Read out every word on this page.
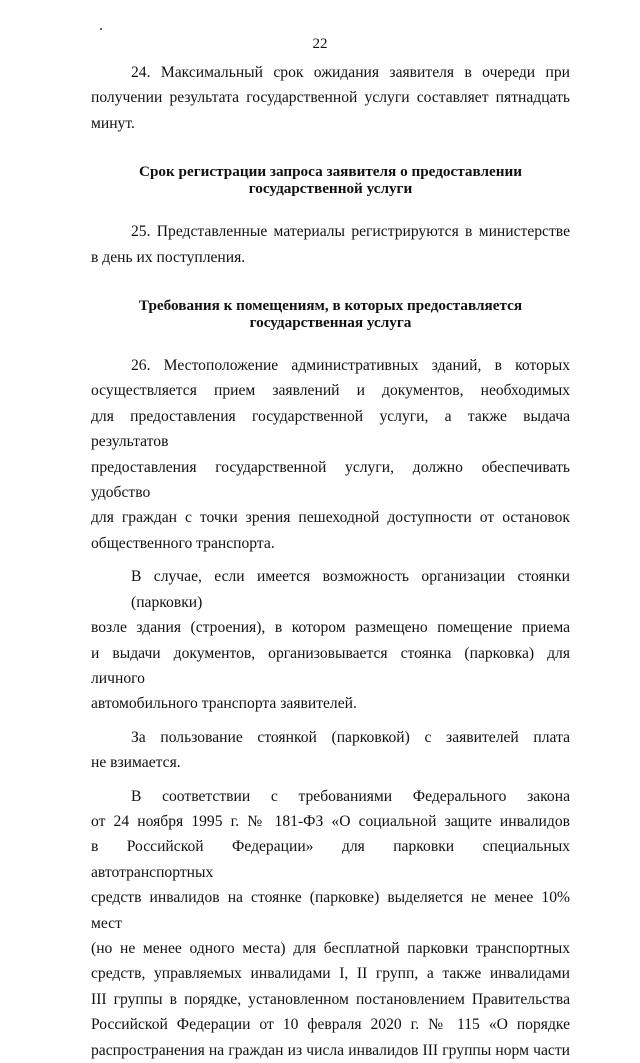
22

24. Максимальный срок ожидания заявителя в очереди при
получении результата государственной услуги составляет пятнадцать
минут.

Срок регистрации запроса заявителя о предоставлении
государственной услуги

25. Представленные материалы регистрируются в министерстве
в день их поступления.

Требования к помещениям, в которых предоставляется
государственная услуга

26. Местоположение административных зданий, в которых
осуществляется прием заявлений и документов, необходимых
для предоставления государственной услуги, а также выдача результатов
предоставления государственной услуги, должно обеспечивать удобство
для граждан с точки зрения пешеходной доступности от остановок
общественного транспорта.

В случае, если имеется возможность организации стоянки (парковки)
возле здания (строения), в котором размещено помещение приема
и выдачи документов, организовывается стоянка (парковка) для личного
автомобильного транспорта заявителей.

За пользование стоянкой (парковкой) с заявителей плата
не взимается.

В соответствии с требованиями Федерального закона
от 24 ноября 1995 г. № 181-ФЗ «О социальной защите инвалидов
в Российской Федерации» для парковки специальных автотранспортных
средств инвалидов на стоянке (парковке) выделяется не менее 10% мест
(но не менее одного места) для бесплатной парковки транспортных
средств, управляемых инвалидами I, II групп, а также инвалидами
III группы в порядке, установленном постановлением Правительства
Российской Федерации от 10 февраля 2020 г. № 115 «О порядке
распространения на граждан из числа инвалидов III группы норм части
